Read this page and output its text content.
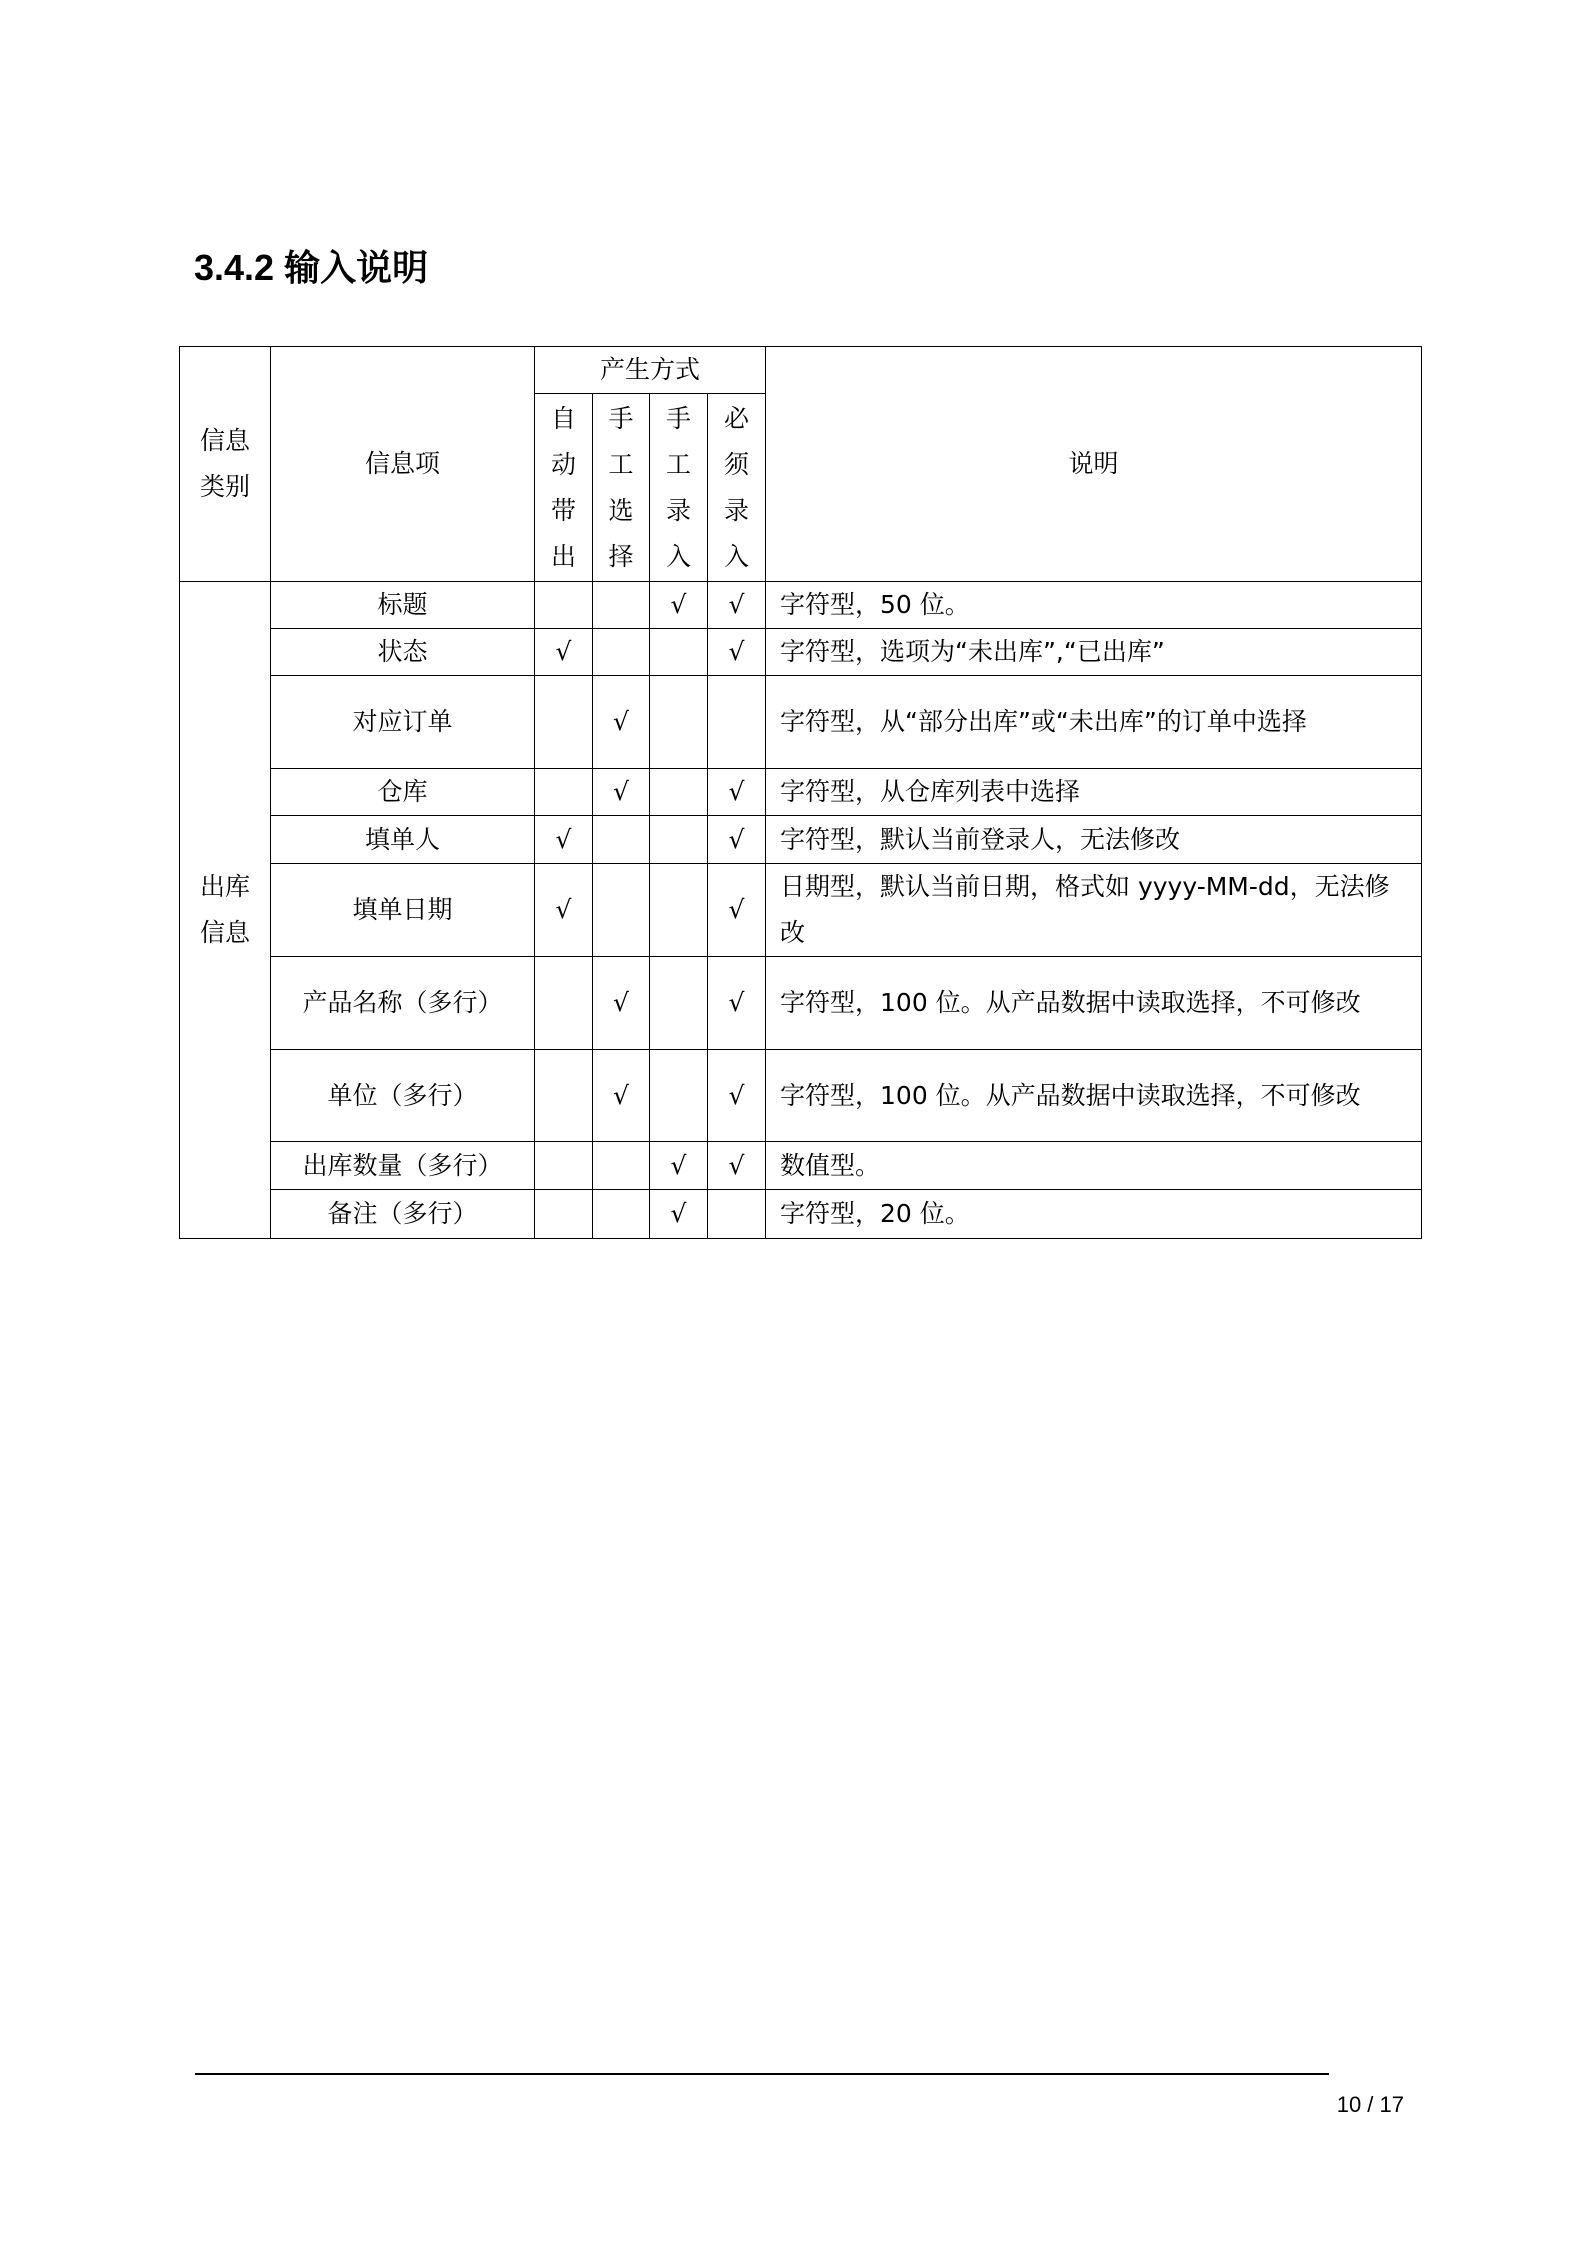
3.4.2 输入说明
信息类别	信息项	产生方式				说明
		自动带出	手工选择	手工录入	必须录入	
出库信息	标题			√	√	字符型，50 位。
	状态	√			√	字符型，选项为“未出库”,“已出库”
	对应订单		√			字符型，从“部分出库”或“未出库”的订单中选择
	仓库		√		√	字符型，从仓库列表中选择
	填单人	√			√	字符型，默认当前登录人，无法修改
	填单日期	√			√	日期型，默认当前日期，格式如 yyyy-MM-dd，无法修改
	产品名称（多行）		√		√	字符型，100 位。从产品数据中读取选择，不可修改
	单位（多行）		√		√	字符型，100 位。从产品数据中读取选择，不可修改
	出库数量（多行）			√	√	数值型。
	备注（多行）			√		字符型，20 位。
10 / 17
